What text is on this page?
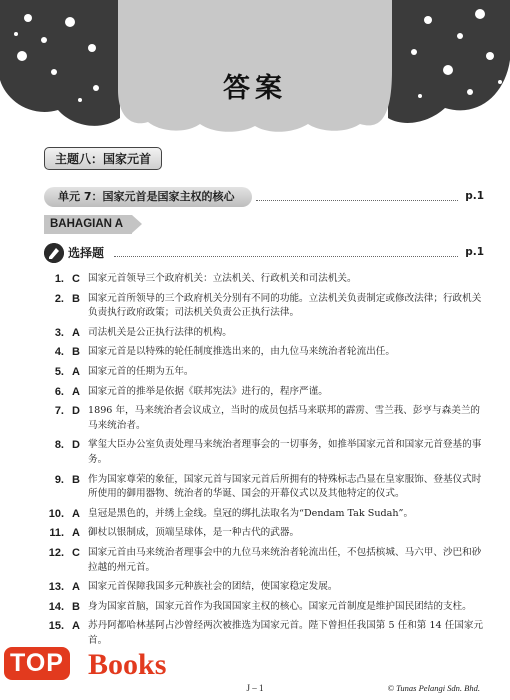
答案
主题八：国家元首
单元 7：国家元首是国家主权的核心	p.1
BAHAGIAN A
选择题	p.1
1. C 国家元首领导三个政府机关：立法机关、行政机关和司法机关。
2. B 国家元首所领导的三个政府机关分别有不同的功能。立法机关负责制定或修改法律；行政机关负责执行政府政策；司法机关负责公正执行法律。
3. A 司法机关是公正执行法律的机构。
4. B 国家元首是以特殊的轮任制度推选出来的，由九位马来统治者轮流出任。
5. A 国家元首的任期为五年。
6. A 国家元首的推举是依据《联邦宪法》进行的，程序严谨。
7. D 1896 年，马来统治者会议成立，当时的成员包括马来联邦的霹雳、雪兰莪、彭亨与森美兰的马来统治者。
8. D 掌玺大臣办公室负责处理马来统治者理事会的一切事务，如推举国家元首和国家元首登基的事务。
9. B 作为国家尊荣的象征，国家元首与国家元首后所拥有的特殊标志凸显在皇家服饰、登基仪式时所使用的御用器物、统治者的华诞、国会的开幕仪式以及其他特定的仪式。
10. A 皇冠是黑色的，并绣上金线。皇冠的绑扎法取名为“Dendam Tak Sudah”。
11. A 御杖以银制成，顶端呈球体，是一种古代的武器。
12. C 国家元首由马来统治者理事会中的九位马来统治者轮流出任，不包括槟城、马六甲、沙巴和砂拉越的州元首。
13. A 国家元首保障我国多元种族社会的团结，使国家稳定发展。
14. B 身为国家首脑，国家元首作为我国国家主权的核心。国家元首制度是维护国民团结的支柱。
15. A 苏丹阿都哈林基阿占沙曾经两次被推选为国家元首。陛下曾担任我国第 5 任和第 14 任国家元首。
TOP Books
J – 1	© Tunas Pelangi Sdn. Bhd.
